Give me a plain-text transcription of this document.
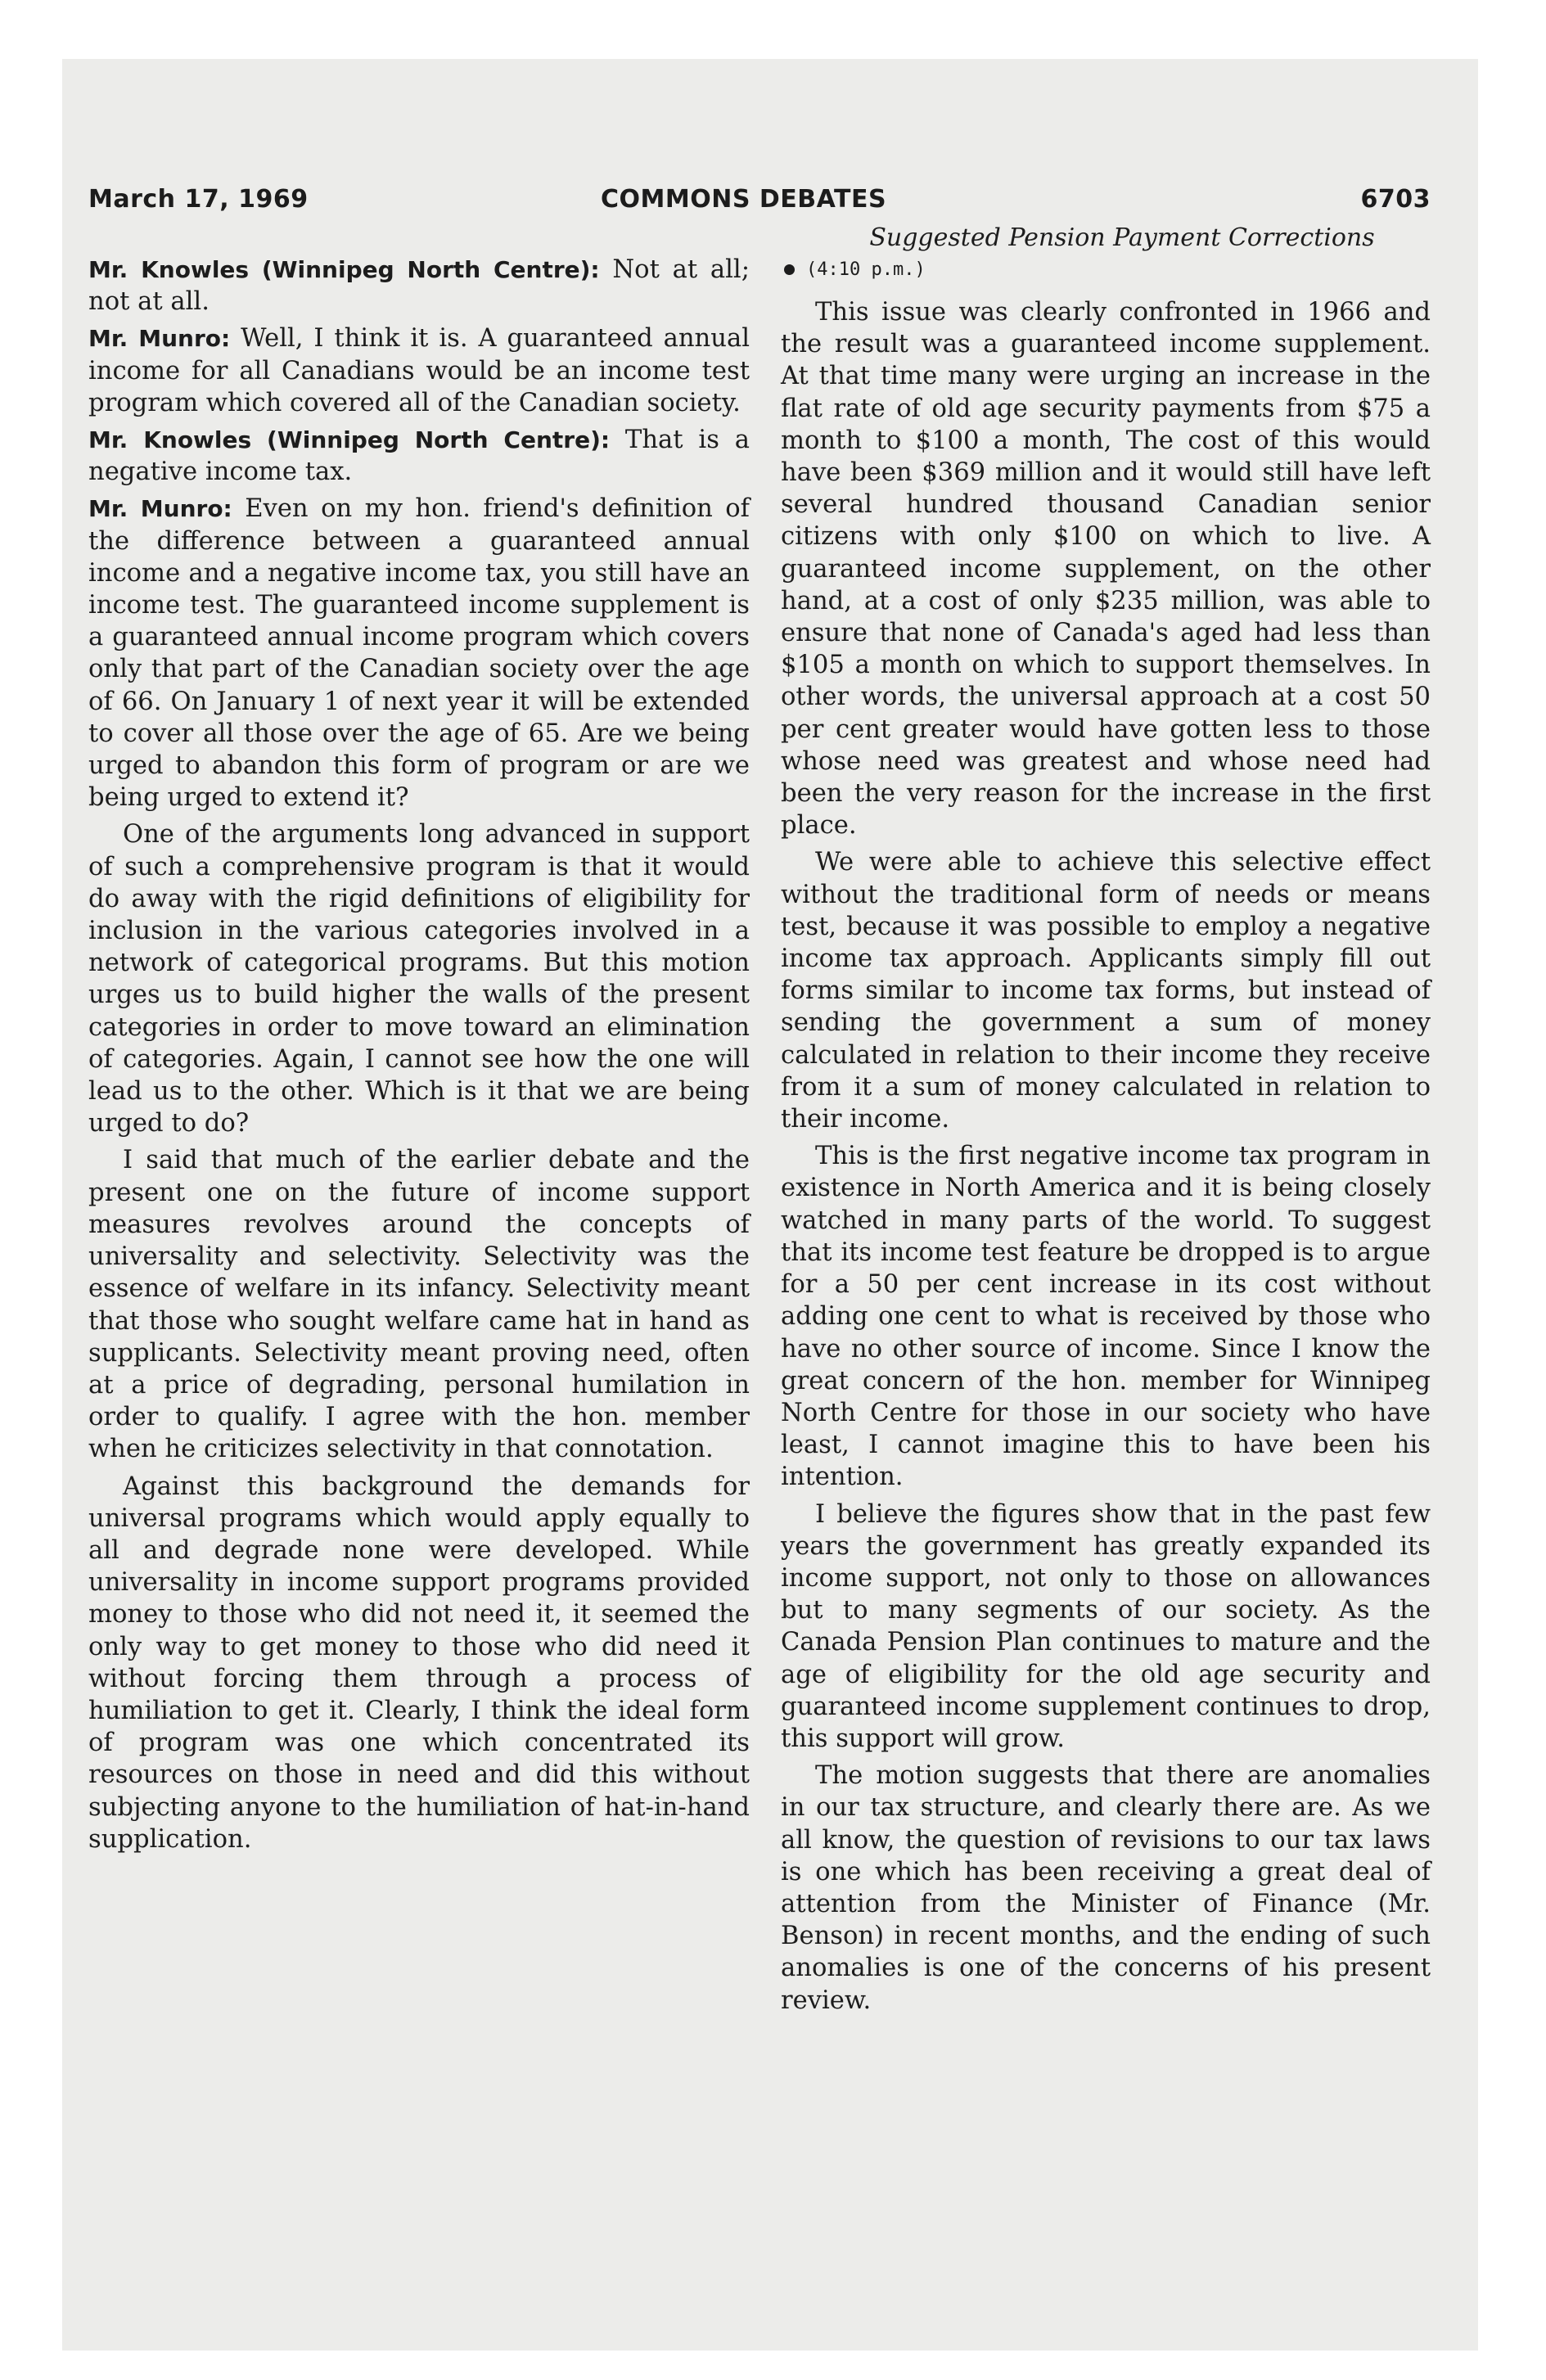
March 17, 1969	COMMONS DEBATES	6703

Mr. Knowles (Winnipeg North Centre): Not at all; not at all.

Mr. Munro: Well, I think it is. A guaranteed annual income for all Canadians would be an income test program which covered all of the Canadian society.

Mr. Knowles (Winnipeg North Centre): That is a negative income tax.

Mr. Munro: Even on my hon. friend's definition of the difference between a guaranteed annual income and a negative income tax, you still have an income test. The guaranteed income supplement is a guaranteed annual income program which covers only that part of the Canadian society over the age of 66. On January 1 of next year it will be extended to cover all those over the age of 65. Are we being urged to abandon this form of program or are we being urged to extend it?

One of the arguments long advanced in support of such a comprehensive program is that it would do away with the rigid definitions of eligibility for inclusion in the various categories involved in a network of categorical programs. But this motion urges us to build higher the walls of the present categories in order to move toward an elimination of categories. Again, I cannot see how the one will lead us to the other. Which is it that we are being urged to do?

I said that much of the earlier debate and the present one on the future of income support measures revolves around the concepts of universality and selectivity. Selectivity was the essence of welfare in its infancy. Selectivity meant that those who sought welfare came hat in hand as supplicants. Selectivity meant proving need, often at a price of degrading, personal humilation in order to qualify. I agree with the hon. member when he criticizes selectivity in that connotation.

Against this background the demands for universal programs which would apply equally to all and degrade none were developed. While universality in income support programs provided money to those who did not need it, it seemed the only way to get money to those who did need it without forcing them through a process of humiliation to get it. Clearly, I think the ideal form of program was one which concentrated its resources on those in need and did this without subjecting anyone to the humiliation of hat-in-hand supplication.

Suggested Pension Payment Corrections
(4:10 p.m.)

This issue was clearly confronted in 1966 and the result was a guaranteed income supplement. At that time many were urging an increase in the flat rate of old age security payments from $75 a month to $100 a month, The cost of this would have been $369 million and it would still have left several hundred thousand Canadian senior citizens with only $100 on which to live. A guaranteed income supplement, on the other hand, at a cost of only $235 million, was able to ensure that none of Canada's aged had less than $105 a month on which to support themselves. In other words, the universal approach at a cost 50 per cent greater would have gotten less to those whose need was greatest and whose need had been the very reason for the increase in the first place.

We were able to achieve this selective effect without the traditional form of needs or means test, because it was possible to employ a negative income tax approach. Applicants simply fill out forms similar to income tax forms, but instead of sending the government a sum of money calculated in relation to their income they receive from it a sum of money calculated in relation to their income.

This is the first negative income tax program in existence in North America and it is being closely watched in many parts of the world. To suggest that its income test feature be dropped is to argue for a 50 per cent increase in its cost without adding one cent to what is received by those who have no other source of income. Since I know the great concern of the hon. member for Winnipeg North Centre for those in our society who have least, I cannot imagine this to have been his intention.

I believe the figures show that in the past few years the government has greatly expanded its income support, not only to those on allowances but to many segments of our society. As the Canada Pension Plan continues to mature and the age of eligibility for the old age security and guaranteed income supplement continues to drop, this support will grow.

The motion suggests that there are anomalies in our tax structure, and clearly there are. As we all know, the question of revisions to our tax laws is one which has been receiving a great deal of attention from the Minister of Finance (Mr. Benson) in recent months, and the ending of such anomalies is one of the concerns of his present review.
